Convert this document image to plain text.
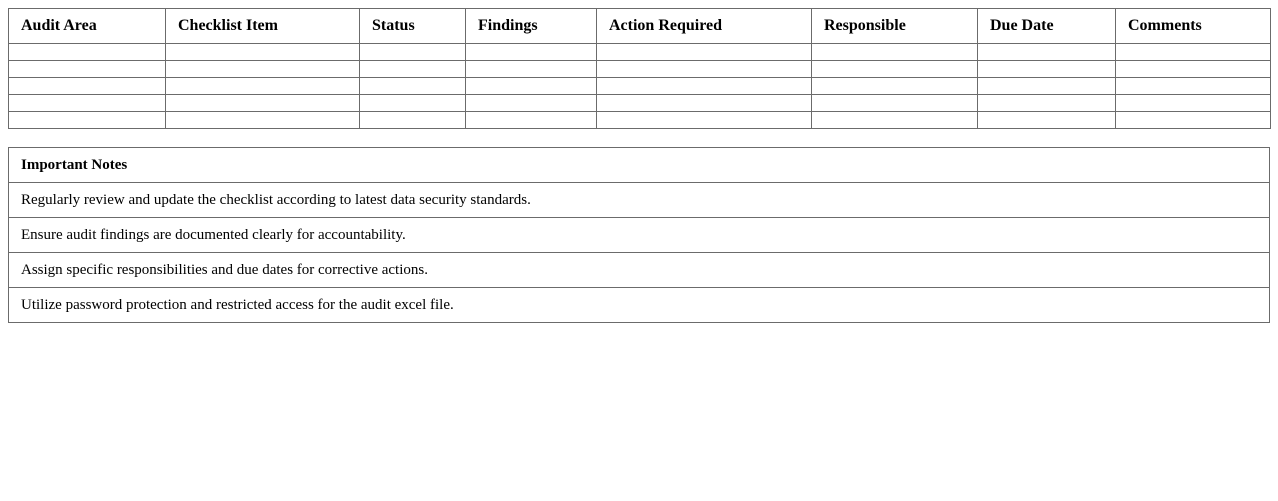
Audit Area	Checklist Item	Status	Findings	Action Required	Responsible	Due Date	Comments

Important Notes
Regularly review and update the checklist according to latest data security standards.
Ensure audit findings are documented clearly for accountability.
Assign specific responsibilities and due dates for corrective actions.
Utilize password protection and restricted access for the audit excel file.
